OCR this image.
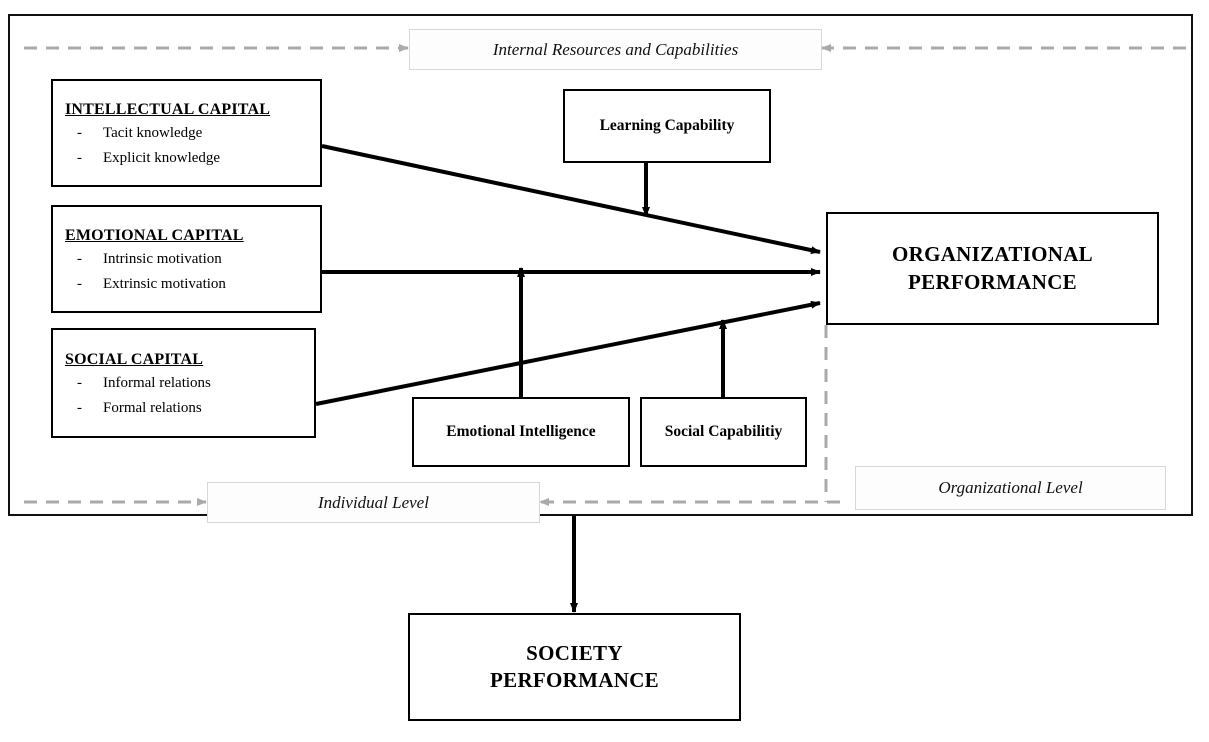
Internal Resources and Capabilities
INTELLECTUAL CAPITAL
-	Tacit knowledge
-	Explicit knowledge
EMOTIONAL CAPITAL
-	Intrinsic motivation
-	Extrinsic motivation
SOCIAL CAPITAL
-	Informal relations
-	Formal relations
Learning Capability
Emotional Intelligence	Social Capabilitiy
ORGANIZATIONAL
PERFORMANCE
Organizational Level
Individual Level
SOCIETY
PERFORMANCE
